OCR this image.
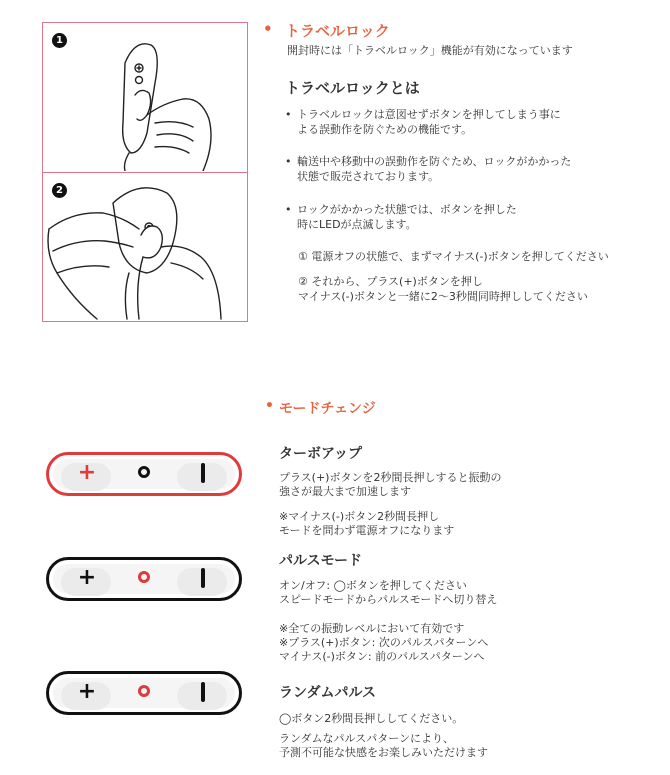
1
2
• トラベルロック
開封時には「トラベルロック」機能が有効になっています
トラベルロックとは
• トラベルロックは意図せずボタンを押してしまう事に
よる誤動作を防ぐための機能です。
• 輸送中や移動中の誤動作を防ぐため、ロックがかかった
状態で販売されております。
• ロックがかかった状態では、ボタンを押した
時にLEDが点滅します。
① 電源オフの状態で、まずマイナス(-)ボタンを押してください
② それから、プラス(+)ボタンを押し
マイナス(-)ボタンと一緒に2〜3秒間同時押ししてください
• モードチェンジ
+
+
+
ターボアップ
プラス(+)ボタンを2秒間長押しすると振動の
強さが最大まで加速します
※マイナス(-)ボタン2秒間長押し
モードを問わず電源オフになります
パルスモード
オン/オフ: ◯ボタンを押してください
スピードモードからパルスモードへ切り替え
※全ての振動レベルにおいて有効です
※プラス(+)ボタン: 次のパルスパターンへ
マイナス(-)ボタン: 前のパルスパターンへ
ランダムパルス
◯ボタン2秒間長押ししてください。
ランダムなパルスパターンにより、
予測不可能な快感をお楽しみいただけます
